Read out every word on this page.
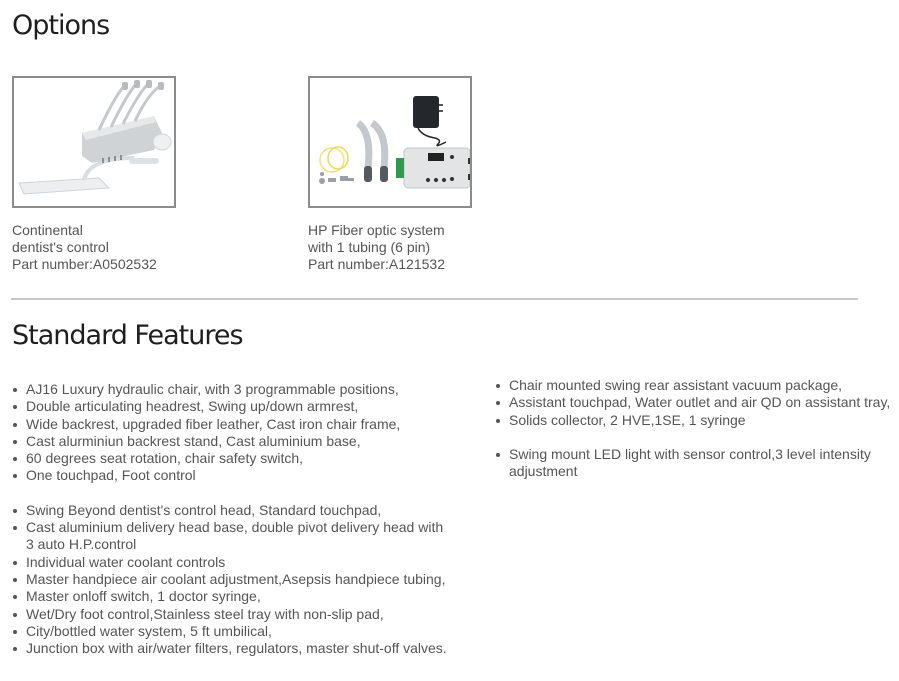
Options
Continental
dentist's control
Part number:A0502532
HP Fiber optic system
with 1 tubing (6 pin)
Part number:A121532
Standard Features
AJ16 Luxury hydraulic chair, with 3 programmable positions,
Double articulating headrest, Swing up/down armrest,
Wide backrest, upgraded fiber leather, Cast iron chair frame,
Cast alurminiun backrest stand, Cast aluminium base,
60 degrees seat rotation, chair safety switch,
One touchpad, Foot control
Swing Beyond dentist's control head, Standard touchpad,
Cast aluminium delivery head base, double pivot delivery head with 3 auto H.P.control
Individual water coolant controls
Master handpiece air coolant adjustment,Asepsis handpiece tubing,
Master onloff switch, 1 doctor syringe,
Wet/Dry foot control,Stainless steel tray with non-slip pad,
City/bottled water system, 5 ft umbilical,
Junction box with air/water filters, regulators, master shut-off valves.
Chair mounted swing rear assistant vacuum package,
Assistant touchpad, Water outlet and air QD on assistant tray,
Solids collector, 2 HVE,1SE, 1 syringe
Swing mount LED light with sensor control,3 level intensity adjustment
